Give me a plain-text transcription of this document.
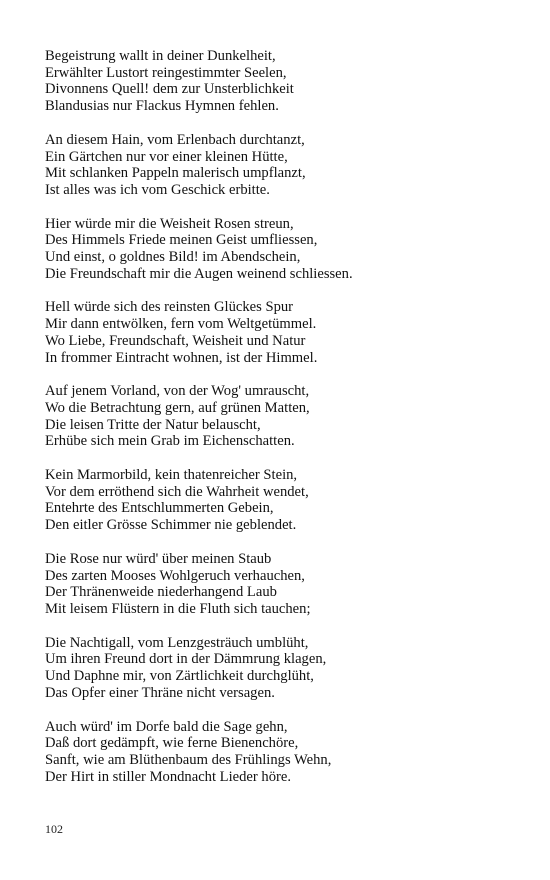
Begeistrung wallt in deiner Dunkelheit,
Erwählter Lustort reingestimmter Seelen,
Divonnens Quell! dem zur Unsterblichkeit
Blandusias nur Flackus Hymnen fehlen.
An diesem Hain, vom Erlenbach durchtanzt,
Ein Gärtchen nur vor einer kleinen Hütte,
Mit schlanken Pappeln malerisch umpflanzt,
Ist alles was ich vom Geschick erbitte.
Hier würde mir die Weisheit Rosen streun,
Des Himmels Friede meinen Geist umfliessen,
Und einst, o goldnes Bild! im Abendschein,
Die Freundschaft mir die Augen weinend schliessen.
Hell würde sich des reinsten Glückes Spur
Mir dann entwölken, fern vom Weltgetümmel.
Wo Liebe, Freundschaft, Weisheit und Natur
In frommer Eintracht wohnen, ist der Himmel.
Auf jenem Vorland, von der Wog' umrauscht,
Wo die Betrachtung gern, auf grünen Matten,
Die leisen Tritte der Natur belauscht,
Erhübe sich mein Grab im Eichenschatten.
Kein Marmorbild, kein thatenreicher Stein,
Vor dem erröthend sich die Wahrheit wendet,
Entehrte des Entschlummerten Gebein,
Den eitler Grösse Schimmer nie geblendet.
Die Rose nur würd' über meinen Staub
Des zarten Mooses Wohlgeruch verhauchen,
Der Thränenweide niederhangend Laub
Mit leisem Flüstern in die Fluth sich tauchen;
Die Nachtigall, vom Lenzgesträuch umblüht,
Um ihren Freund dort in der Dämmrung klagen,
Und Daphne mir, von Zärtlichkeit durchglüht,
Das Opfer einer Thräne nicht versagen.
Auch würd' im Dorfe bald die Sage gehn,
Daß dort gedämpft, wie ferne Bienenchöre,
Sanft, wie am Blüthenbaum des Frühlings Wehn,
Der Hirt in stiller Mondnacht Lieder höre.
102
